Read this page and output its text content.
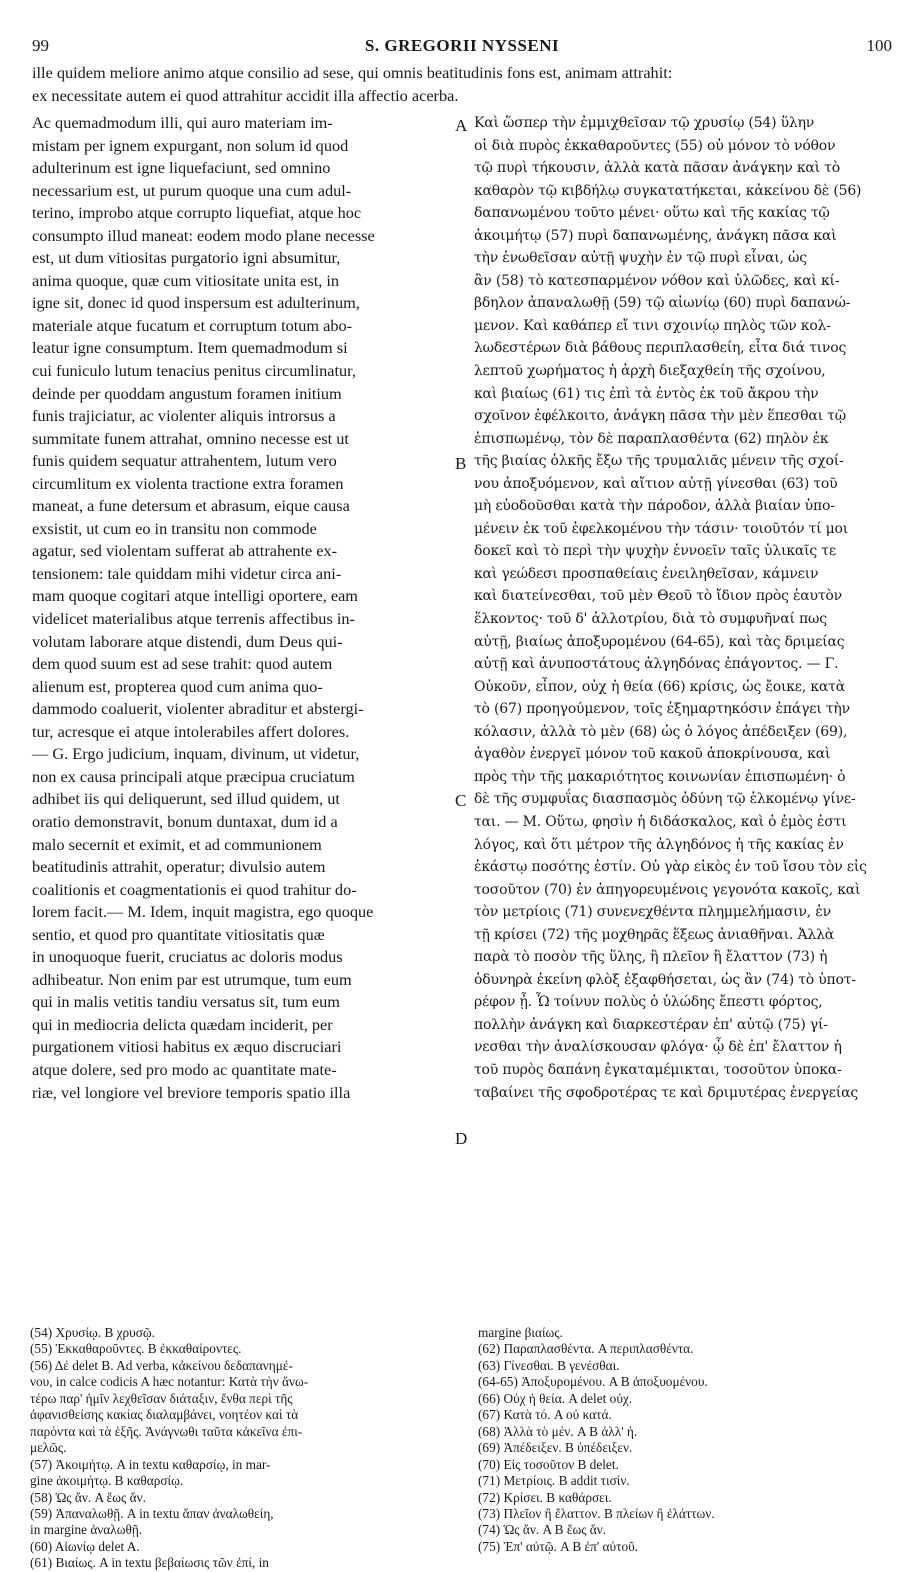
99	S. GREGORII NYSSENI	100
ille quidem meliore animo atque consilio ad sese, qui omnis beatitudinis fons est, animam attrahit:
ex necessitate autem ei quod attrahitur accidit illa affectio acerba.
Ac quemadmodum illi, qui auro materiam im-
mistam per ignem expurgant, non solum id quod
adulterinum est igne liquefaciunt, sed omnino
necessarium est, ut purum quoque una cum adul-
terino, improbo atque corrupto liquefiat, atque hoc
consumpto illud maneat: eodem modo plane necesse
est, ut dum vitiositas purgatorio igni absumitur,
anima quoque, quæ cum vitiositate unita est, in
igne sit, donec id quod inspersum est adulterinum,
materiale atque fucatum et corruptum totum abo-
leatur igne consumptum. Item quemadmodum si
cui funiculo lutum tenacius penitus circumlinatur,
deinde per quoddam angustum foramen initium
funis trajiciatur, ac violenter aliquis introrsus a
summitate funem attrahat, omnino necesse est ut
funis quidem sequatur attrahentem, lutum vero
circumlitum ex violenta tractione extra foramen
maneat, a fune detersum et abrasum, eique causa
exsistit, ut cum eo in transitu non commode
agatur, sed violentam sufferat ab attrahente ex-
tensionem: tale quiddam mihi videtur circa ani-
mam quoque cogitari atque intelligi oportere, eam
videlicet materialibus atque terrenis affectibus in-
volutam laborare atque distendi, dum Deus qui-
dem quod suum est ad sese trahit: quod autem
alienum est, propterea quod cum anima quo-
dammodo coaluerit, violenter abraditur et abstergi-
tur, acresque ei atque intolerabiles affert dolores.
— G. Ergo judicium, inquam, divinum, ut videtur,
non ex causa principali atque præcipua cruciatum
adhibet iis qui deliquerunt, sed illud quidem, ut
oratio demonstravit, bonum duntaxat, dum id a
malo secernit et eximit, et ad communionem
beatitudinis attrahit, operatur; divulsio autem
coalitionis et coagmentationis ei quod trahitur do-
lorem facit.— M. Idem, inquit magistra, ego quoque
sentio, et quod pro quantitate vitiositatis quæ
in unoquoque fuerit, cruciatus ac doloris modus
adhibeatur. Non enim par est utrumque, tum eum
qui in malis vetitis tandiu versatus sit, tum eum
qui in mediocria delicta quædam inciderit, per
purgationem vitiosi habitus ex æquo discruciari
atque dolere, sed pro modo ac quantitate mate-
riæ, vel longiore vel breviore temporis spatio illa
Καὶ ὥσπερ τὴν ἐμμιχθεῖσαν τῷ χρυσίῳ (54) ὕλην
οἱ διὰ πυρὸς ἐκκαθαροῦντες (55) οὐ μόνον τὸ νόθον
τῷ πυρὶ τήκουσιν, ἀλλὰ κατὰ πᾶσαν ἀνάγκην καὶ τὸ
καθαρὸν τῷ κιβδήλῳ συγκατατήκεται, κἀκείνου δὲ (56)
δαπανωμένου τοῦτο μένει· οὕτω καὶ τῆς κακίας τῷ
ἀκοιμήτῳ (57) πυρὶ δαπανωμένης, ἀνάγκη πᾶσα καὶ
τὴν ἑνωθεῖσαν αὐτῇ ψυχὴν ἐν τῷ πυρὶ εἶναι, ὡς
ἂν (58) τὸ κατεσπαρμένον νόθον καὶ ὑλῶδες, καὶ κί-
βδηλον ἀπαναλωθῇ (59) τῷ αἰωνίῳ (60) πυρὶ δαπανώ-
μενον. Καὶ καθάπερ εἴ τινι σχοινίῳ πηλὸς τῶν κολ-
λωδεστέρων διὰ βάθους περιπλασθείη, εἶτα διά τινος
λεπτοῦ χωρήματος ἡ ἀρχὴ διεξαχθείη τῆς σχοίνου,
καὶ βιαίως (61) τις ἐπὶ τὰ ἐντὸς ἐκ τοῦ ἄκρου τὴν
σχοῖνον ἐφέλκοιτο, ἀνάγκη πᾶσα τὴν μὲν ἕπεσθαι τῷ
ἐπισπωμένῳ, τὸν δὲ παραπλασθέντα (62) πηλὸν ἐκ
τῆς βιαίας ὁλκῆς ἔξω τῆς τρυμαλιᾶς μένειν τῆς σχοί-
νου ἀποξυόμενον, καὶ αἴτιον αὐτῇ γίνεσθαι (63) τοῦ
μὴ εὐοδοῦσθαι κατὰ τὴν πάροδον, ἀλλὰ βιαίαν ὑπο-
μένειν ἐκ τοῦ ἐφελκομένου τὴν τάσιν· τοιοῦτόν τί μοι
δοκεῖ καὶ τὸ περὶ τὴν ψυχὴν ἐννοεῖν ταῖς ὑλικαῖς τε
καὶ γεώδεσι προσπαθείαις ἐνειληθεῖσαν, κάμνειν
καὶ διατείνεσθαι, τοῦ μὲν Θεοῦ τὸ ἴδιον πρὸς ἑαυτὸν
ἕλκοντος· τοῦ δ' ἀλλοτρίου, διὰ τὸ συμφυῆναί πως
αὐτῇ, βιαίως ἀποξυρομένου (64-65), καὶ τὰς δριμείας
αὐτῇ καὶ ἀνυποστάτους ἀλγηδόνας ἐπάγοντος. — Γ.
Οὐκοῦν, εἶπον, οὐχ ἡ θεία (66) κρίσις, ὡς ἔοικε, κατὰ
τὸ (67) προηγούμενον, τοῖς ἐξημαρτηκόσιν ἐπάγει τὴν
κόλασιν, ἀλλὰ τὸ μὲν (68) ὡς ὁ λόγος ἀπέδειξεν (69),
ἀγαθὸν ἐνεργεῖ μόνον τοῦ κακοῦ ἀποκρίνουσα, καὶ
πρὸς τὴν τῆς μακαριότητος κοινωνίαν ἐπισπωμένη· ὁ
δὲ τῆς συμφυΐας διασπασμὸς ὀδύνη τῷ ἑλκομένῳ γίνε-
ται. — Μ. Οὕτω, φησὶν ἡ διδάσκαλος, καὶ ὁ ἐμὸς ἐστι
λόγος, καὶ ὅτι μέτρον τῆς ἀλγηδόνος ἡ τῆς κακίας ἐν
ἑκάστῳ ποσότης ἐστίν. Οὐ γὰρ εἰκὸς ἐν τοῦ ἴσου τὸν εἰς
τοσοῦτον (70) ἐν ἀπηγορευμένοις γεγονότα κακοῖς, καὶ
τὸν μετρίοις (71) συνενεχθέντα πλημμελήμασιν, ἐν
τῇ κρίσει (72) τῆς μοχθηρᾶς ἕξεως ἀνιαθῆναι. Ἀλλὰ
παρὰ τὸ ποσὸν τῆς ὕλης, ἢ πλεῖον ἢ ἔλαττον (73) ἡ
ὀδυνηρὰ ἐκείνη φλὸξ ἐξαφθήσεται, ὡς ἂν (74) τὸ ὑποτ-
ρέφον ᾖ. Ὧ τοίνυν πολὺς ὁ ὑλώδης ἔπεστι φόρτος,
πολλὴν ἀνάγκη καὶ διαρκεστέραν ἐπ' αὐτῷ (75) γί-
νεσθαι τὴν ἀναλίσκουσαν φλόγα· ᾧ δὲ ἐπ' ἔλαττον ἡ
τοῦ πυρὸς δαπάνη ἐγκαταμέμικται, τοσοῦτον ὑποκα-
ταβαίνει τῆς σφοδροτέρας τε καὶ δριμυτέρας ἐνεργείας
A
B
C
D
(54) Χρυσίῳ. B χρυσῷ.
(55) Ἐκκαθαροῦντες. B ἐκκαθαίροντες.
(56) Δέ delet B. Ad verba, κἀκείνου δεδαπανημέ-
νου, in calce codicis A hæc notantur: Κατὰ τὴν ἄνω-
τέρω παρ' ἡμῖν λεχθεῖσαν διάταξιν, ἔνθα περὶ τῆς
ἀφανισθείσης κακίας διαλαμβάνει, νοητέον καὶ τὰ
παρόντα καὶ τὰ ἑξῆς. Ἀνάγνωθι ταῦτα κἀκεῖνα ἐπι-
μελῶς.
(57) Ἀκοιμήτῳ. A in textu καθαρσίῳ, in mar-
gine ἀκοιμήτῳ. B καθαρσίῳ.
(58) Ὡς ἄν. A ἕως ἄν.
(59) Ἀπαναλωθῇ. A in textu ἅπαν ἀναλωθείη,
in margine ἀναλωθῇ.
(60) Αἰωνίῳ delet A.
(61) Βιαίως. A in textu βεβαίωσις τῶν ἐπί, in
margine βιαίως.
(62) Παραπλασθέντα. A περιπλασθέντα.
(63) Γίνεσθαι. B γενέσθαι.
(64-65) Ἀποξυρομένου. A B ἀποξυομένου.
(66) Οὐχ ἡ θεία. A delet οὐχ.
(67) Κατὰ τό. A οὐ κατά.
(68) Ἀλλὰ τὸ μέν. A B ἀλλ' ἡ.
(69) Ἀπέδειξεν. B ὑπέδειξεν.
(70) Εἰς τοσοῦτον B delet.
(71) Μετρίοις. B addit τισίν.
(72) Κρίσει. B καθάρσει.
(73) Πλεῖον ἢ ἔλαττον. B πλείων ἢ ἐλάττων.
(74) Ὡς ἄν. A B ἕως ἄν.
(75) Ἐπ' αὐτῷ. A B ἐπ' αὐτοῦ.
